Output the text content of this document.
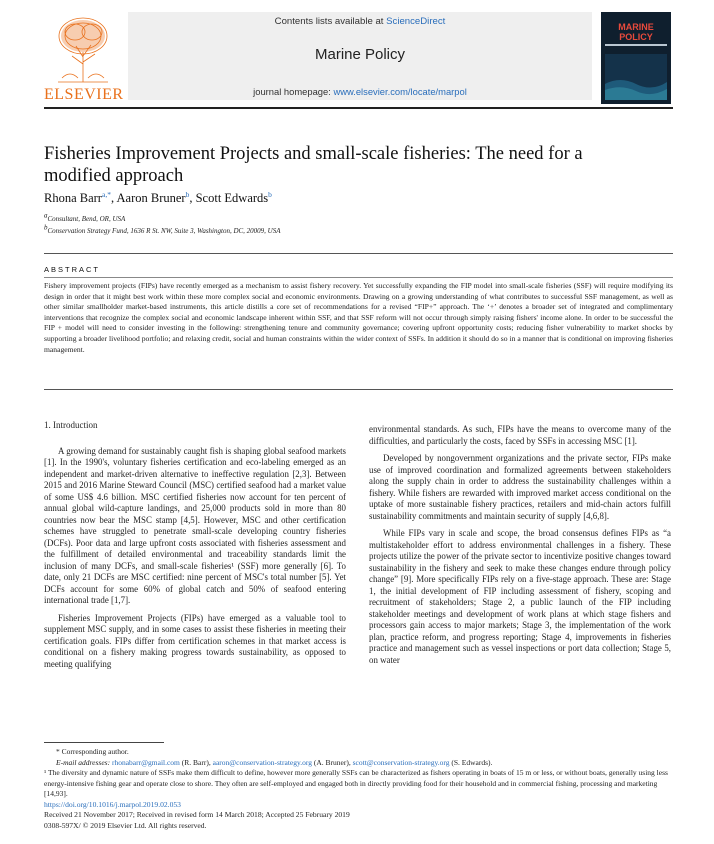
ELSEVIER
Contents lists available at ScienceDirect
Marine Policy
journal homepage: www.elsevier.com/locate/marpol
MARINE POLICY
Fisheries Improvement Projects and small-scale fisheries: The need for a modified approach
Rhona Barr$^{a,*}$, Aaron Bruner$^b$, Scott Edwards$^b$
aConsultant, Bend, OR, USA
bConservation Strategy Fund, 1636 R St. NW, Suite 3, Washington, DC, 20009, USA
ABSTRACT
Fishery improvement projects (FIPs) have recently emerged as a mechanism to assist fishery recovery. Yet successfully expanding the FIP model into small-scale fisheries (SSF) will require modifying its design in order that it might best work within these more complex social and economic environments. Drawing on a growing understanding of what contributes to successful SSF management, as well as other similar smallholder market-based instruments, this article distills a core set of recommendations for a revised “FIP+” approach. The ‘+’ denotes a broader set of integrated and complimentary interventions that recognize the complex social and economic landscape inherent within SSF, and that SSF reform will not occur through simply raising fishers' income alone. In order to be successful the FIP + model will need to consider investing in the following: strengthening tenure and community governance; covering upfront opportunity costs; reducing fisher vulnerability to market shocks by supporting a broader livelihood portfolio; and relaxing credit, social and human constraints within the wider context of SSFs. In addition it should do so in a manner that is conditional on improving fisheries management.

1. Introduction

A growing demand for sustainably caught fish is shaping global seafood markets [1]. In the 1990's, voluntary fisheries certification and eco-labeling emerged as an independent and market-driven alternative to ineffective regulation [2,3]. Between 2015 and 2016 Marine Steward Council (MSC) certified seafood had a market value of some US$ 4.6 billion. MSC certified fisheries now account for ten percent of annual global wild-capture landings, and 25,000 products sold in more than 80 countries now bear the MSC stamp [4,5]. However, MSC and other certification schemes have struggled to penetrate small-scale developing country fisheries (DCFs). Poor data and large upfront costs associated with fisheries assessment and the fulfillment of detailed environmental and traceability standards limit the inclusion of many DCFs, and small-scale fisheries¹ (SSF) more generally [6]. To date, only 21 DCFs are MSC certified: nine percent of MSC's total number [5]. Yet DCFs account for some 60% of global catch and 50% of seafood entering international trade [1,7].

Fisheries Improvement Projects (FIPs) have emerged as a valuable tool to supplement MSC supply, and in some cases to assist these fisheries in meeting their certification goals. FIPs differ from certification schemes in that market access is conditional on a fishery making progress towards sustainability, as opposed to meeting qualifying

environmental standards. As such, FIPs have the means to overcome many of the difficulties, and particularly the costs, faced by SSFs in accessing MSC [1].

Developed by nongovernment organizations and the private sector, FIPs make use of improved coordination and formalized agreements between stakeholders along the supply chain in order to address the sustainability challenges within a fishery. While fishers are rewarded with improved market access conditional on the uptake of more sustainable fishery practices, retailers and mid-chain actors fulfill sustainability commitments and maintain security of supply [4,6,8].

While FIPs vary in scale and scope, the broad consensus defines FIPs as “a multistakeholder effort to address environmental challenges in a fishery. These projects utilize the power of the private sector to incentivize positive changes toward sustainability in the fishery and seek to make these changes endure through policy change” [9]. More specifically FIPs rely on a five-stage approach. These are: Stage 1, the initial development of FIP including assessment of fishery, scoping and recruitment of stakeholders; Stage 2, a public launch of the FIP including stakeholder meetings and development of work plans at which stage fishers and processors gain access to major markets; Stage 3, the implementation of the work plan, practice reform, and progress reporting; Stage 4, improvements in fisheries practice and management such as vessel inspections or port data collection; Stage 5, on water

* Corresponding author.

E-mail addresses: rhonabarr@gmail.com (R. Barr), aaron@conservation-strategy.org (A. Bruner), scott@conservation-strategy.org (S. Edwards).

¹ The diversity and dynamic nature of SSFs make them difficult to define, however more generally SSFs can be characterized as fishers operating in boats of 15 m or less, or without boats, generally using less energy-intensive fishing gear and operate close to shore. They often are self-employed and engaged both in directly providing food for their household and in commercial fishing, processing and marketing [14,93].

https://doi.org/10.1016/j.marpol.2019.02.053
Received 21 November 2017; Received in revised form 14 March 2018; Accepted 25 February 2019
0308-597X/ © 2019 Elsevier Ltd. All rights reserved.
